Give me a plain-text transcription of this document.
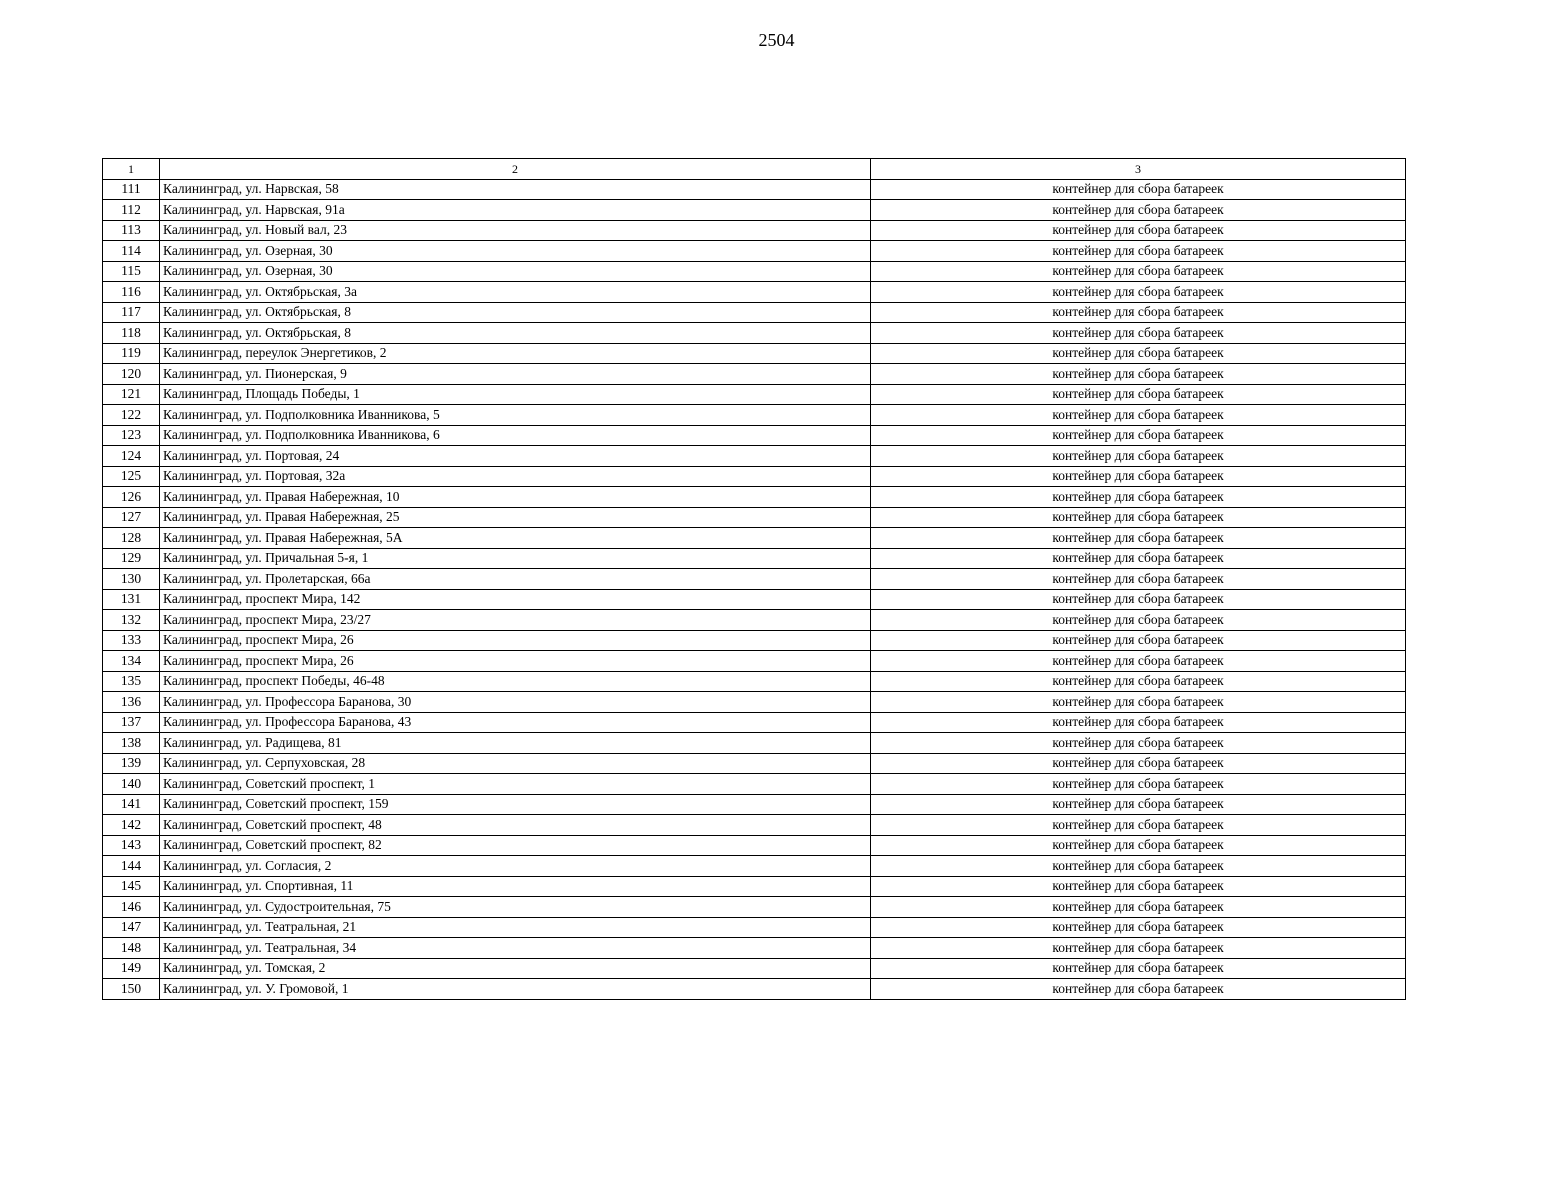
2504
1	2	3
111	Калининград, ул. Нарвская, 58	контейнер для сбора батареек
112	Калининград, ул. Нарвская, 91а	контейнер для сбора батареек
113	Калининград, ул. Новый вал, 23	контейнер для сбора батареек
114	Калининград, ул. Озерная, 30	контейнер для сбора батареек
115	Калининград, ул. Озерная, 30	контейнер для сбора батареек
116	Калининград, ул. Октябрьская, 3а	контейнер для сбора батареек
117	Калининград, ул. Октябрьская, 8	контейнер для сбора батареек
118	Калининград, ул. Октябрьская, 8	контейнер для сбора батареек
119	Калининград, переулок Энергетиков, 2	контейнер для сбора батареек
120	Калининград, ул. Пионерская, 9	контейнер для сбора батареек
121	Калининград, Площадь Победы, 1	контейнер для сбора батареек
122	Калининград, ул. Подполковника Иванникова, 5	контейнер для сбора батареек
123	Калининград, ул. Подполковника Иванникова, 6	контейнер для сбора батареек
124	Калининград, ул. Портовая, 24	контейнер для сбора батареек
125	Калининград, ул. Портовая, 32а	контейнер для сбора батареек
126	Калининград, ул. Правая Набережная, 10	контейнер для сбора батареек
127	Калининград, ул. Правая Набережная, 25	контейнер для сбора батареек
128	Калининград, ул. Правая Набережная, 5А	контейнер для сбора батареек
129	Калининград, ул. Причальная 5-я, 1	контейнер для сбора батареек
130	Калининград, ул. Пролетарская, 66а	контейнер для сбора батареек
131	Калининград, проспект Мира, 142	контейнер для сбора батареек
132	Калининград, проспект Мира, 23/27	контейнер для сбора батареек
133	Калининград, проспект Мира, 26	контейнер для сбора батареек
134	Калининград, проспект Мира, 26	контейнер для сбора батареек
135	Калининград, проспект Победы, 46-48	контейнер для сбора батареек
136	Калининград, ул. Профессора Баранова, 30	контейнер для сбора батареек
137	Калининград, ул. Профессора Баранова, 43	контейнер для сбора батареек
138	Калининград, ул. Радищева, 81	контейнер для сбора батареек
139	Калининград, ул. Серпуховская, 28	контейнер для сбора батареек
140	Калининград, Советский проспект, 1	контейнер для сбора батареек
141	Калининград, Советский проспект, 159	контейнер для сбора батареек
142	Калининград, Советский проспект, 48	контейнер для сбора батареек
143	Калининград, Советский проспект, 82	контейнер для сбора батареек
144	Калининград, ул. Согласия, 2	контейнер для сбора батареек
145	Калининград, ул. Спортивная, 11	контейнер для сбора батареек
146	Калининград, ул. Судостроительная, 75	контейнер для сбора батареек
147	Калининград, ул. Театральная, 21	контейнер для сбора батареек
148	Калининград, ул. Театральная, 34	контейнер для сбора батареек
149	Калининград, ул. Томская, 2	контейнер для сбора батареек
150	Калининград, ул. У. Громовой, 1	контейнер для сбора батареек
